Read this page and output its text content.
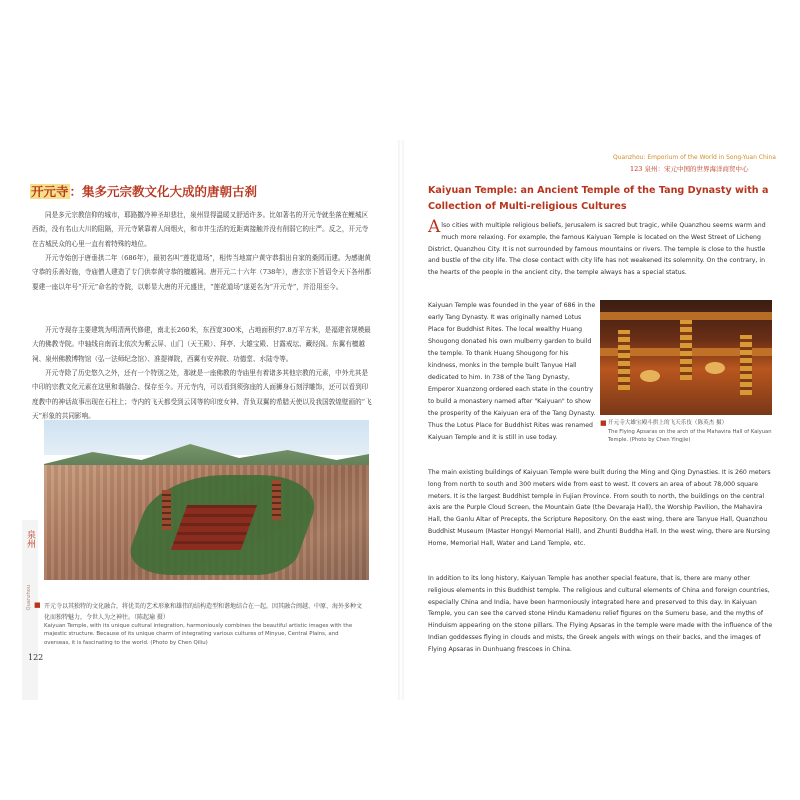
开元寺：集多元宗教文化大成的唐朝古刹

同是多元宗教信仰的城市，耶路撒冷神圣却悲壮，泉州显得温暖又舒适许多。比如著名的开元寺就坐落在鲤城区西街，没有名山大川的阻隔，开元寺紧靠着人间烟火，和市井生活的近距离接触并没有削弱它的庄严。反之，开元寺在古城民众的心里一直有着特殊的地位。

开元寺始创于唐垂拱二年（686年），最初名叫“莲花道场”，相传当地富户黄守恭捐出自家的桑园而建。为感谢黄守恭的乐善好施，寺庙僧人建造了专门供奉黄守恭的檀越祠。唐开元二十六年（738年），唐玄宗下旨诏令天下各州都要建一座以年号“开元”命名的寺院，以彰显大唐的开元盛世，“莲花道场”遂更名为“开元寺”，并沿用至今。

开元寺现存主要建筑为明清两代修建，南北长260米，东西宽300米，占地面积约7.8万平方米，是福建省规模最大的佛教寺院。中轴线自南而北依次为紫云屏、山门（天王殿）、拜亭、大雄宝殿、甘露戒坛、藏经阁。东翼有檀越祠、泉州佛教博物馆（弘一法师纪念馆）、准提禅院，西翼有安养院、功德堂、水陆寺等。

开元寺除了历史悠久之外，还有一个特别之处，那就是一座佛教的寺庙里有着诸多其他宗教的元素，中外尤其是中印的宗教文化元素在这里和谐融合、保存至今。开元寺内，可以看到须弥座的人面狮身石刻浮雕饰，还可以看到印度教中的神话故事出现在石柱上；寺内的飞天都受到云冈等的印度女神、背负双翼的希腊天使以及我国敦煌壁画的“飞天”形象的共同影响。

泉州
Quanzhou ■ 开元寺以其独特的文化融合，将优美的艺术形象和雄伟的结构造型和谐地结合在一起，因其融合闽越、中原、海外多种文化而独特魅力，令世人为之神往。（陈起瑜 摄）
Kaiyuan Temple, with its unique cultural integration, harmoniously combines the beautiful artistic images with the majestic structure. Because of its unique charm of integrating various cultures of Minyue, Central Plains, and overseas, it is fascinating to the world. (Photo by Chen Qiliu)
122
Quanzhou: Emporium of the World in Song-Yuan China
123 泉州：宋元中国的世界海洋商贸中心
Kaiyuan Temple: an Ancient Temple of the Tang Dynasty with a Collection of Multi-religious Cultures

Also cities with multiple religious beliefs, Jerusalem is sacred but tragic, while Quanzhou seems warm and much more relaxing. For example, the famous Kaiyuan Temple is located on the West Street of Licheng District, Quanzhou City. It is not surrounded by famous mountains or rivers. The temple is close to the hustle and bustle of the city life. The close contact with city life has not weakened its solemnity. On the contrary, in the hearts of the people in the ancient city, the temple always has a special status.

Kaiyuan Temple was founded in the year of 686 in the early Tang Dynasty. It was originally named Lotus Place for Buddhist Rites. The local wealthy Huang Shougong donated his own mulberry garden to build the temple. To thank Huang Shougong for his kindness, monks in the temple built Tanyue Hall dedicated to him. In 738 of the Tang Dynasty, Emperor Xuanzong ordered each state in the country to build a monastery named after "Kaiyuan" to show the prosperity of the Kaiyuan era of the Tang Dynasty. Thus the Lotus Place for Buddhist Rites was renamed Kaiyuan Temple and it is still in use today.

■ 开元寺大雄宝殿斗拱上的飞天乐伎（陈英杰 摄）
The Flying Apsaras on the arch of the Mahavira Hall of Kaiyuan Temple. (Photo by Chen Yingjie)

The main existing buildings of Kaiyuan Temple were built during the Ming and Qing Dynasties. It is 260 meters long from north to south and 300 meters wide from east to west. It covers an area of about 78,000 square meters. It is the largest Buddhist temple in Fujian Province. From south to north, the buildings on the central axis are the Purple Cloud Screen, the Mountain Gate (the Devaraja Hall), the Worship Pavilion, the Mahavira Hall, the Ganlu Altar of Precepts, the Scripture Repository. On the east wing, there are Tanyue Hall, Quanzhou Buddhist Museum (Master Hongyi Memorial Hall), and Zhunti Buddha Hall. In the west wing, there are Nursing Home, Memorial Hall, Water and Land Temple, etc.

In addition to its long history, Kaiyuan Temple has another special feature, that is, there are many other religious elements in this Buddhist temple. The religious and cultural elements of China and foreign countries, especially China and India, have been harmoniously integrated here and preserved to this day. In Kaiyuan Temple, you can see the carved stone Hindu Kamadenu relief figures on the Sumeru base, and the myths of Hinduism appearing on the stone pillars. The Flying Apsaras in the temple were made with the influence of the Indian goddesses flying in clouds and mists, the Greek angels with wings on their backs, and the images of Flying Apsaras in Dunhuang frescoes in China.
